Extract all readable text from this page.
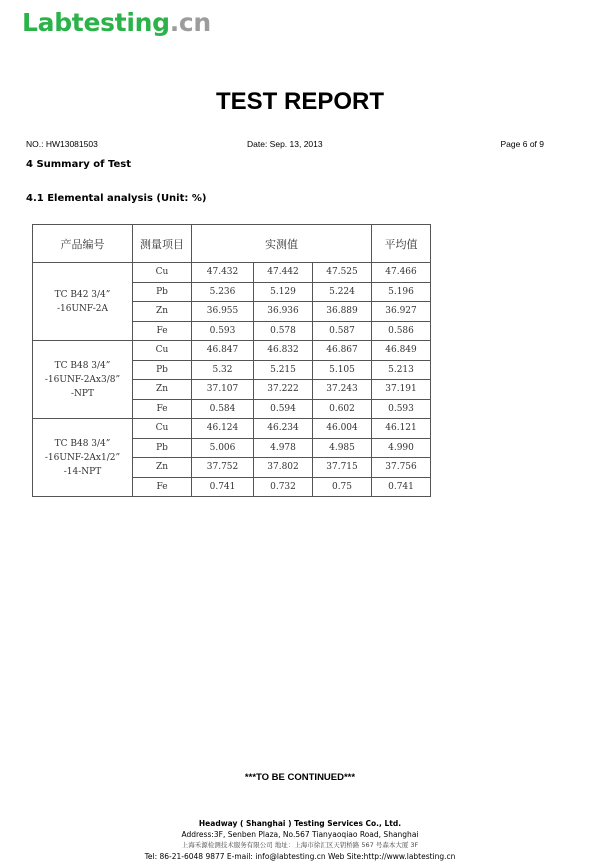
Labtesting.cn
TEST REPORT
NO.: HW13081503	Date: Sep. 13, 2013	Page 6 of 9
4 Summary of Test
4.1 Elemental analysis (Unit: %)
产品编号	测量项目	实测值			平均值

TC B42 3/4”
-16UNF-2A	Cu	47.432	47.442	47.525	47.466
	Pb	5.236	5.129	5.224	5.196
	Zn	36.955	36.936	36.889	36.927
	Fe	0.593	0.578	0.587	0.586

TC B48 3/4”
-16UNF-2Ax3/8”
-NPT	Cu	46.847	46.832	46.867	46.849
	Pb	5.32	5.215	5.105	5.213
	Zn	37.107	37.222	37.243	37.191
	Fe	0.584	0.594	0.602	0.593

TC B48 3/4”
-16UNF-2Ax1/2”
-14-NPT	Cu	46.124	46.234	46.004	46.121
	Pb	5.006	4.978	4.985	4.990
	Zn	37.752	37.802	37.715	37.756
	Fe	0.741	0.732	0.75	0.741
***TO BE CONTINUED***
Headway ( Shanghai ) Testing Services Co., Ltd.
Address:3F, Senben Plaza, No.567 Tianyaoqiao Road, Shanghai
上海禾源检测技术服务有限公司 地址：上海市徐汇区天钥桥路 567 号森本大厦 3F
Tel: 86-21-6048 9877 E-mail: info@labtesting.cn Web Site:http://www.labtesting.cn
